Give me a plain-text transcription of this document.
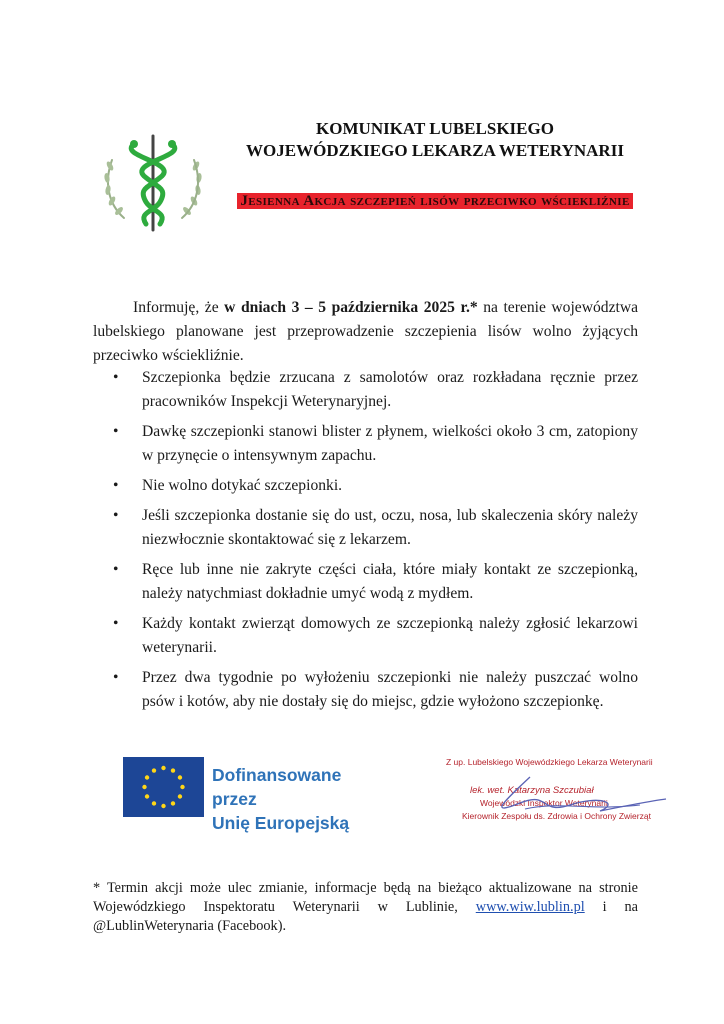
KOMUNIKAT LUBELSKIEGO
WOJEWÓDZKIEGO LEKARZA WETERYNARII
Jesienna Akcja szczepień lisów przeciwko wściekliźnie

Informuję, że w dniach 3 – 5 października 2025 r.* na terenie województwa lubelskiego planowane jest przeprowadzenie szczepienia lisów wolno żyjących przeciwko wściekliźnie.

• Szczepionka będzie zrzucana z samolotów oraz rozkładana ręcznie przez pracowników Inspekcji Weterynaryjnej.
• Dawkę szczepionki stanowi blister z płynem, wielkości około 3 cm, zatopiony w przynęcie o intensywnym zapachu.
• Nie wolno dotykać szczepionki.
• Jeśli szczepionka dostanie się do ust, oczu, nosa, lub skaleczenia skóry należy niezwłocznie skontaktować się z lekarzem.
• Ręce lub inne nie zakryte części ciała, które miały kontakt ze szczepionką, należy natychmiast dokładnie umyć wodą z mydłem.
• Każdy kontakt zwierząt domowych ze szczepionką należy zgłosić lekarzowi weterynarii.
• Przez dwa tygodnie po wyłożeniu szczepionki nie należy puszczać wolno psów i kotów, aby nie dostały się do miejsc, gdzie wyłożono szczepionkę.
Dofinansowane przez
Unię Europejską
Z up. Lubelskiego Wojewódzkiego Lekarza Weterynarii
lek. wet. Katarzyna Szczubiał
Wojewódzki Inspektor Weterynarii
Kierownik Zespołu ds. Zdrowia i Ochrony Zwierząt
* Termin akcji może ulec zmianie, informacje będą na bieżąco aktualizowane na stronie Wojewódzkiego Inspektoratu Weterynarii w Lublinie, www.wiw.lublin.pl i na @LublinWeterynaria (Facebook).
